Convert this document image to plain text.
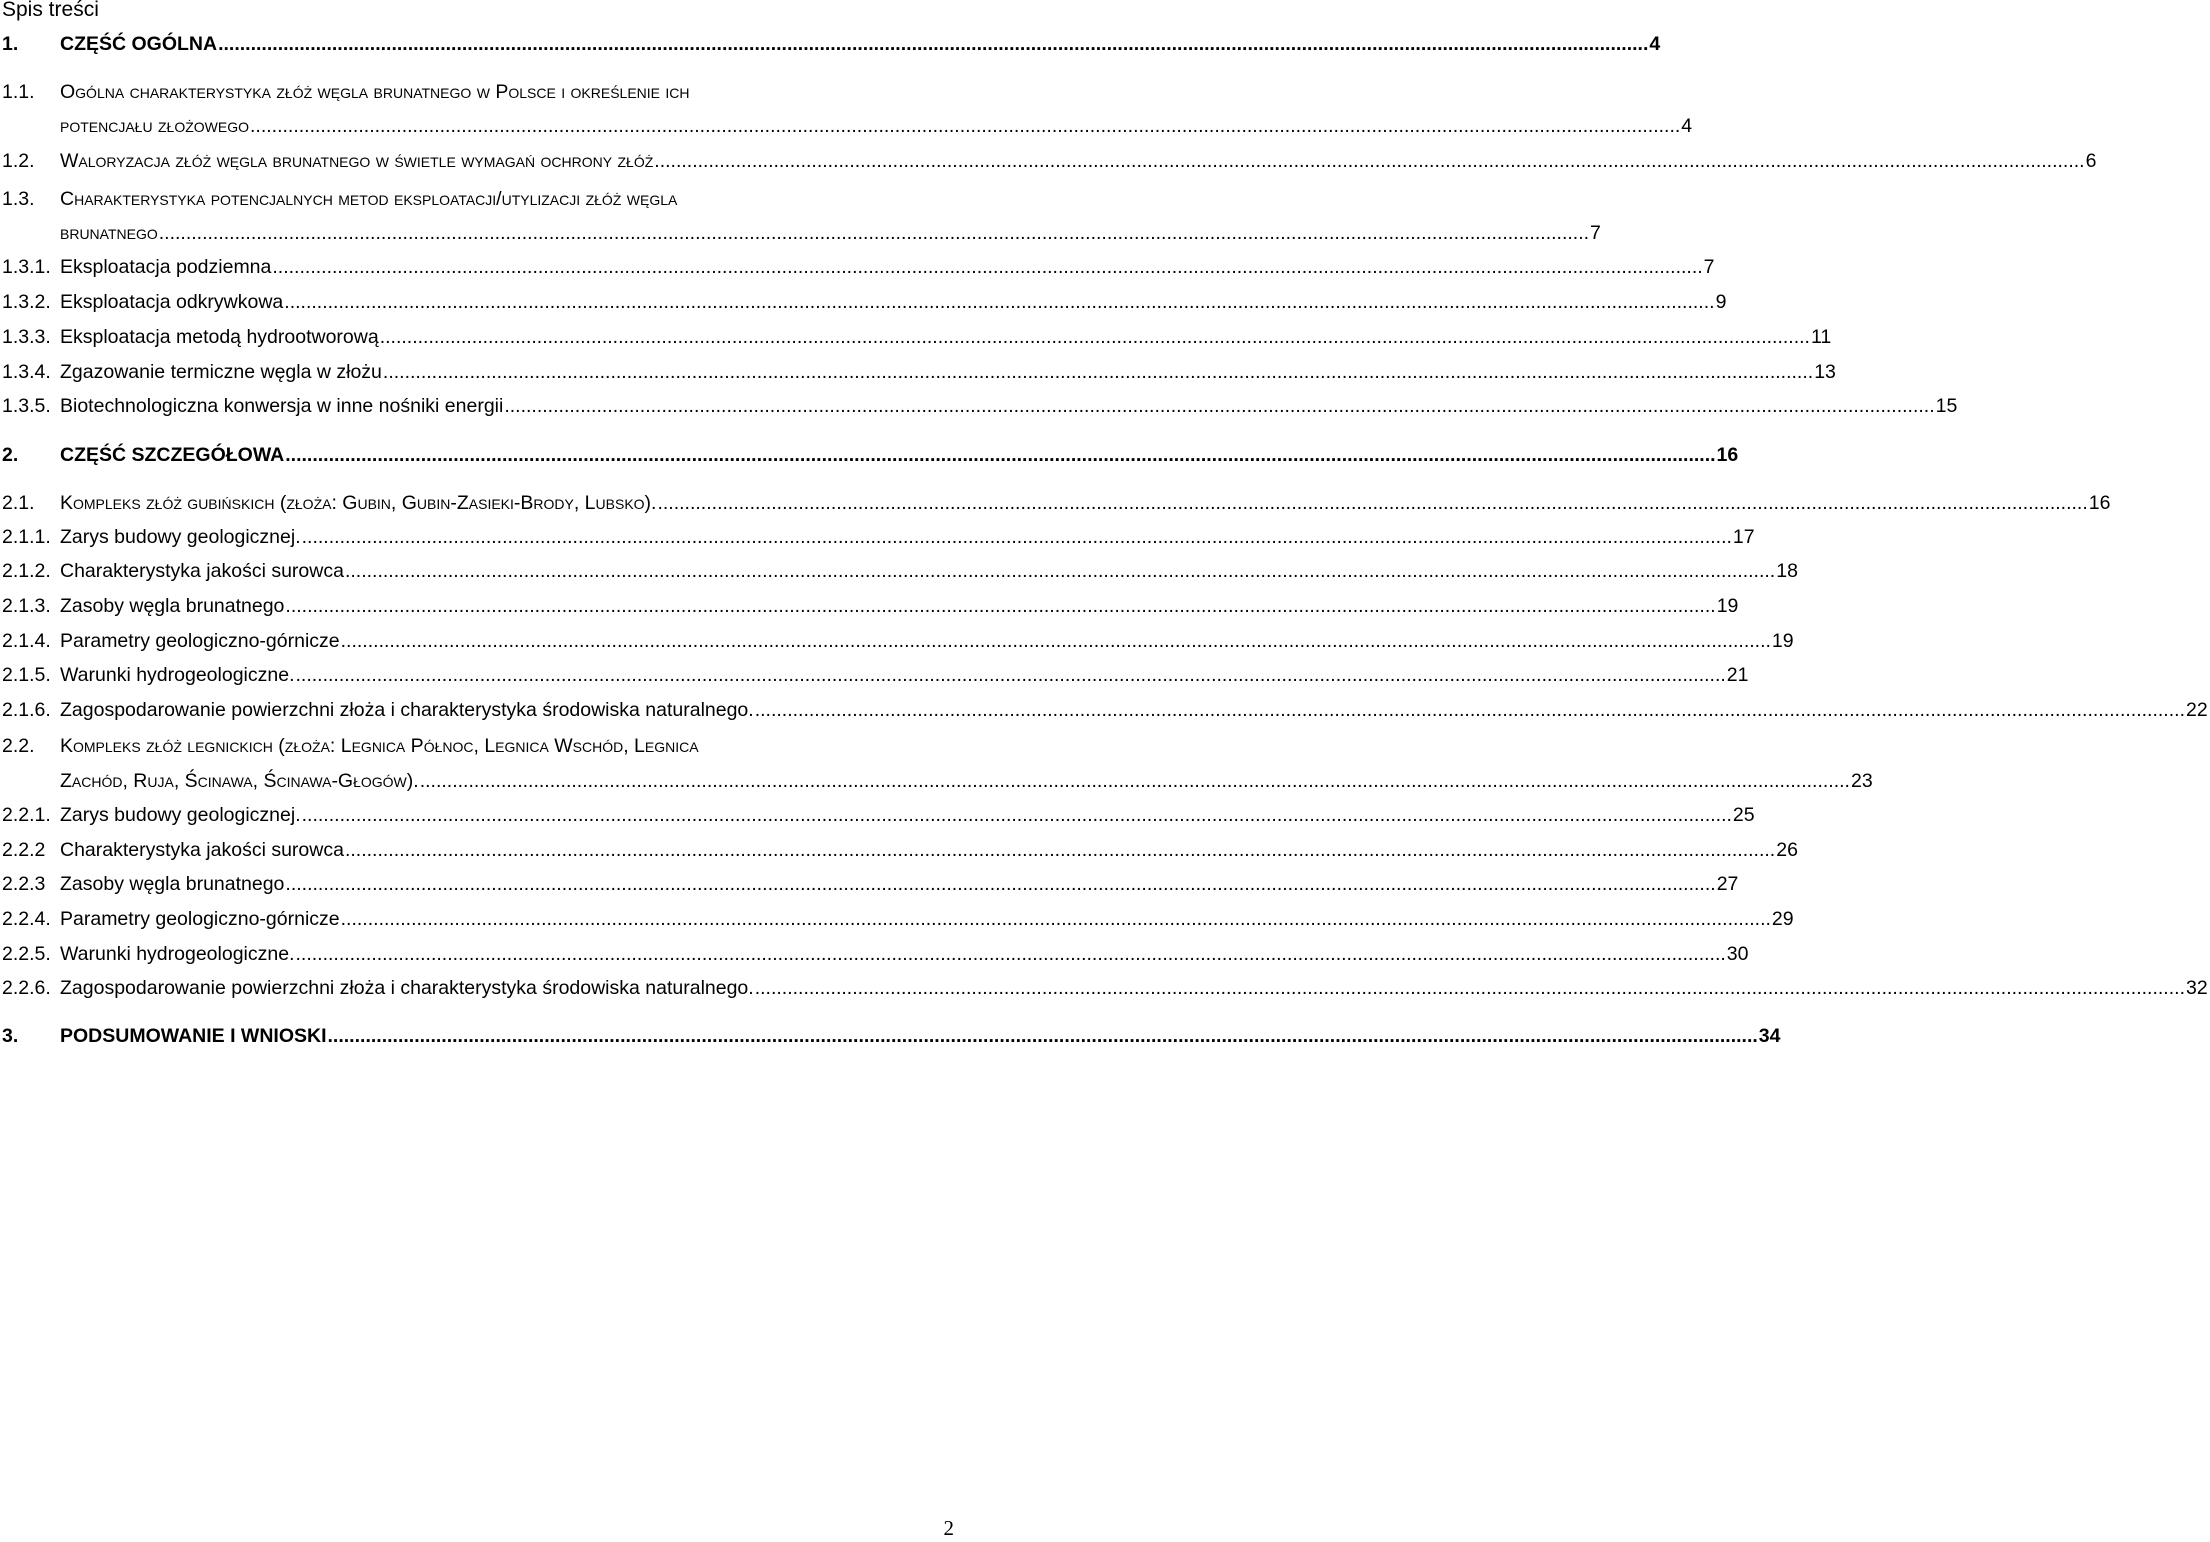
Spis treści
1.	CZĘŚĆ OGÓLNA .....	4
1.1.	Ogólna charakterystyka złóż węgla brunatnego w Polsce i określenie ich
potencjału złożowego .....	4
1.2.	Waloryzacja złóż węgla brunatnego w świetle wymagań ochrony złóż .....	6
1.3.	Charakterystyka potencjalnych metod eksploatacji/utylizacji złóż węgla
brunatnego .....	7
1.3.1. Eksploatacja podziemna .....	7
1.3.2. Eksploatacja odkrywkowa .....	9
1.3.3. Eksploatacja metodą hydrootworową .....	11
1.3.4. Zgazowanie termiczne węgla w złożu .....	13
1.3.5. Biotechnologiczna konwersja w inne nośniki energii .....	15
2.	CZĘŚĆ SZCZEGÓŁOWA .....	16
2.1.	Kompleks złóż gubińskich (złoża: Gubin, Gubin-Zasieki-Brody, Lubsko). .....	16
2.1.1. Zarys budowy geologicznej. .....	17
2.1.2. Charakterystyka jakości surowca .....	18
2.1.3. Zasoby węgla brunatnego .....	19
2.1.4. Parametry geologiczno-górnicze .....	19
2.1.5. Warunki hydrogeologiczne. .....	21
2.1.6. Zagospodarowanie powierzchni złoża i charakterystyka środowiska naturalnego. .....	22
2.2.	Kompleks złóż legnickich (złoża: Legnica Północ, Legnica Wschód, Legnica
Zachód, Ruja, Ścinawa, Ścinawa-Głogów). .....	23
2.2.1. Zarys budowy geologicznej. .....	25
2.2.2 Charakterystyka jakości surowca .....	26
2.2.3 Zasoby węgla brunatnego .....	27
2.2.4. Parametry geologiczno-górnicze .....	29
2.2.5. Warunki hydrogeologiczne. .....	30
2.2.6. Zagospodarowanie powierzchni złoża i charakterystyka środowiska naturalnego. .....	32
3.	PODSUMOWANIE I WNIOSKI .....	34
2
